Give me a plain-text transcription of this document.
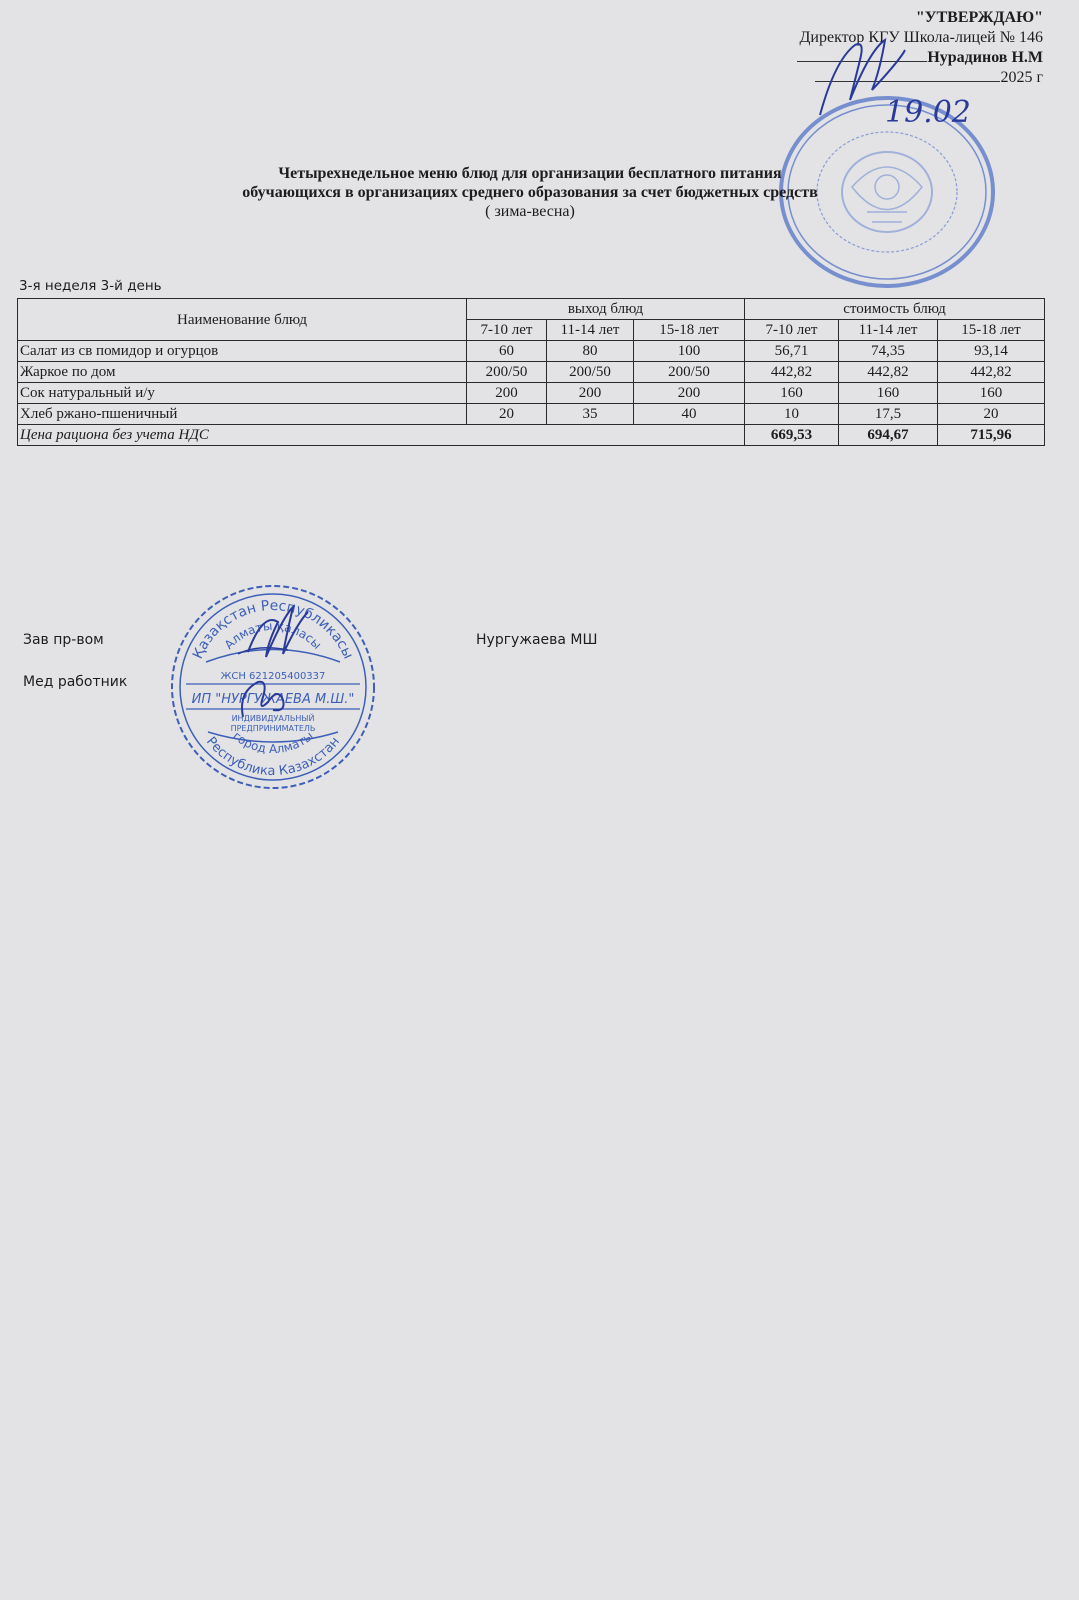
"УТВЕРЖДАЮ"
Директор КГУ Школа-лицей № 146
Нурадинов Н.М
2025 г
19.02
Четырехнедельное меню блюд для организации бесплатного питания
обучающихся в организациях среднего образования за счет бюджетных средств
( зима-весна)
3-я неделя 3-й день
Наименование блюд	выход блюд			стоимость блюд		
	7-10 лет	11-14 лет	15-18 лет	7-10 лет	11-14 лет	15-18 лет
Салат из св помидор и огурцов	60	80	100	56,71	74,35	93,14
Жаркое по дом	200/50	200/50	200/50	442,82	442,82	442,82
Сок натуральный и/у	200	200	200	160	160	160
Хлеб ржано-пшеничный	20	35	40	10	17,5	20
Цена рациона без учета НДС				669,53	694,67	715,96
Зав пр-вом	Нургужаева МШ
Мед работник
Қазақстан Республикасы
Алматы қаласы
ЖСН 621205400337
ИП "НУРГУЖАЕВА М.Ш."
ИНДИВИДУАЛЬНЫЙ
ПРЕДПРИНИМАТЕЛЬ
Республика Казахстан
город Алматы
